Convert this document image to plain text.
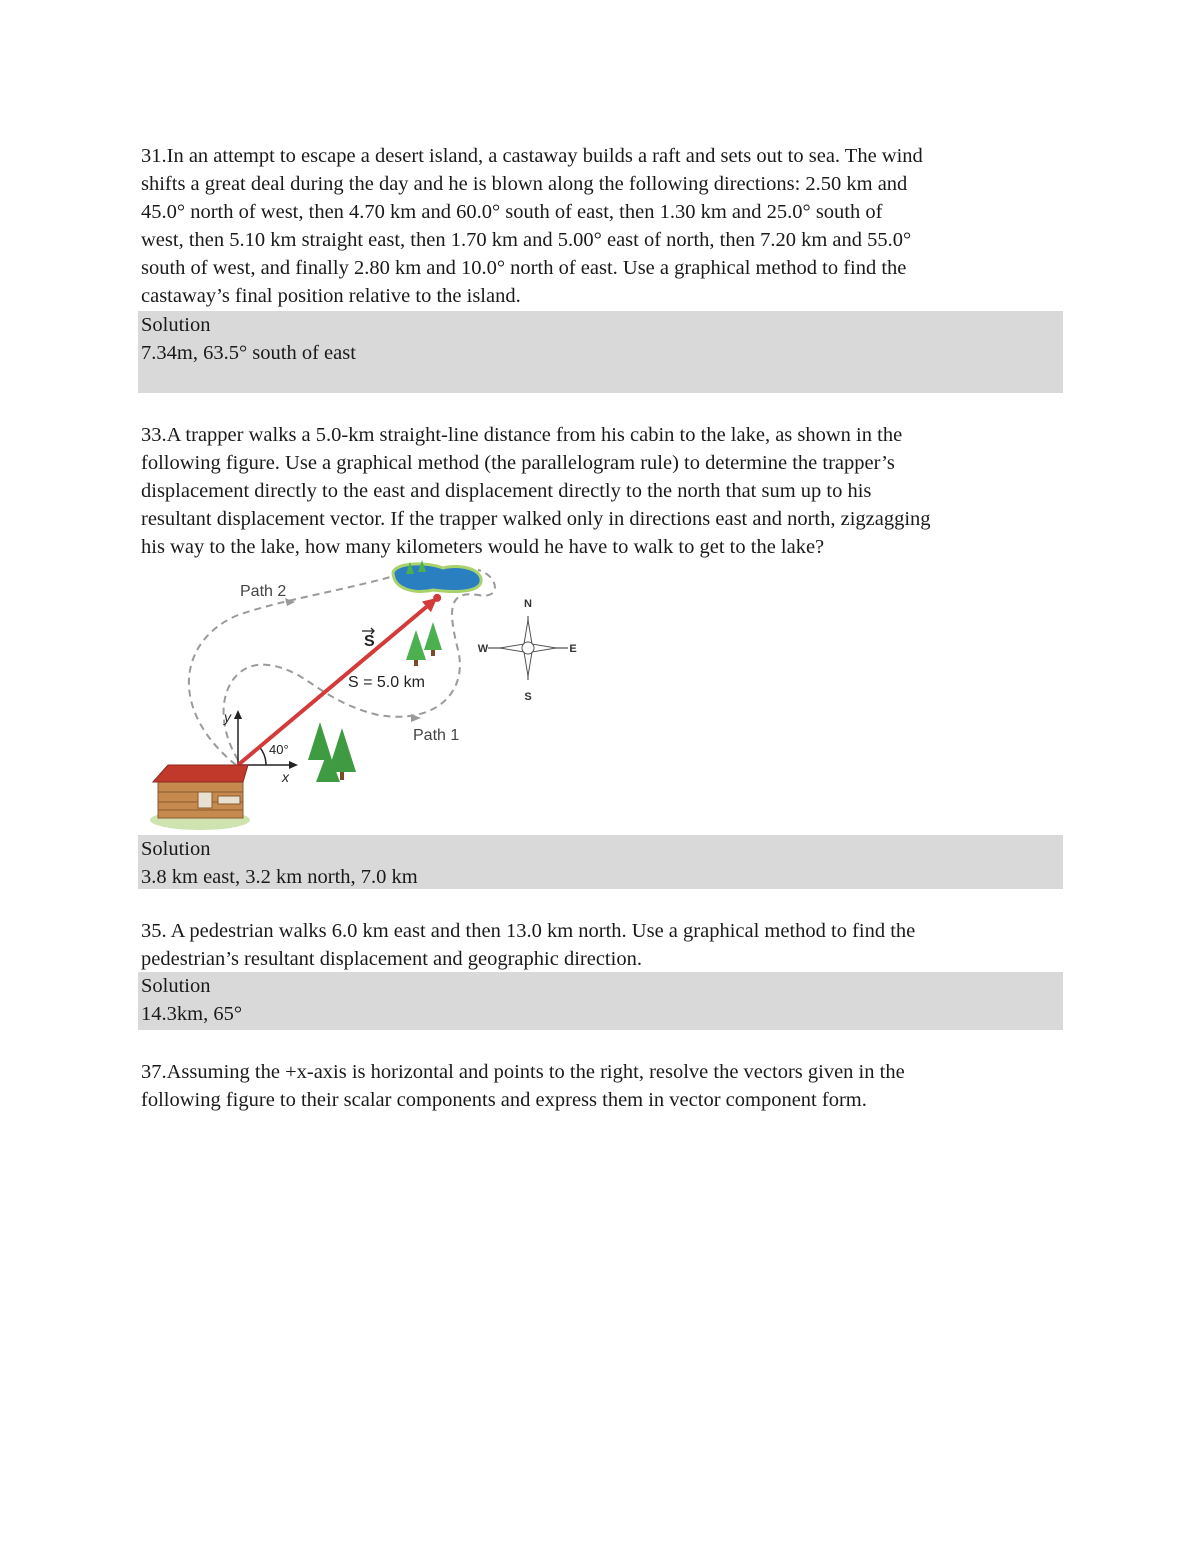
31.In an attempt to escape a desert island, a castaway builds a raft and sets out to sea. The wind

shifts a great deal during the day and he is blown along the following directions: 2.50 km and

45.0° north of west, then 4.70 km and 60.0° south of east, then 1.30 km and 25.0° south of

west, then 5.10 km straight east, then 1.70 km and 5.00° east of north, then 7.20 km and 55.0°

south of west, and finally 2.80 km and 10.0° north of east. Use a graphical method to find the

castaway’s final position relative to the island.

Solution
7.34m, 63.5° south of east

33.A trapper walks a 5.0-km straight-line distance from his cabin to the lake, as shown in the

following figure. Use a graphical method (the parallelogram rule) to determine the trapper’s

displacement directly to the east and displacement directly to the north that sum up to his

resultant displacement vector. If the trapper walked only in directions east and north, zigzagging

his way to the lake, how many kilometers would he have to walk to get to the lake?

N
S
W	E
Path 2
Path 1
S = 5.0 km
S
40°
x
y
Solution
3.8 km east, 3.2 km north, 7.0 km

35. A pedestrian walks 6.0 km east and then 13.0 km north. Use a graphical method to find the

pedestrian’s resultant displacement and geographic direction.

Solution
14.3km, 65°

37.Assuming the +x-axis is horizontal and points to the right, resolve the vectors given in the

following figure to their scalar components and express them in vector component form.
